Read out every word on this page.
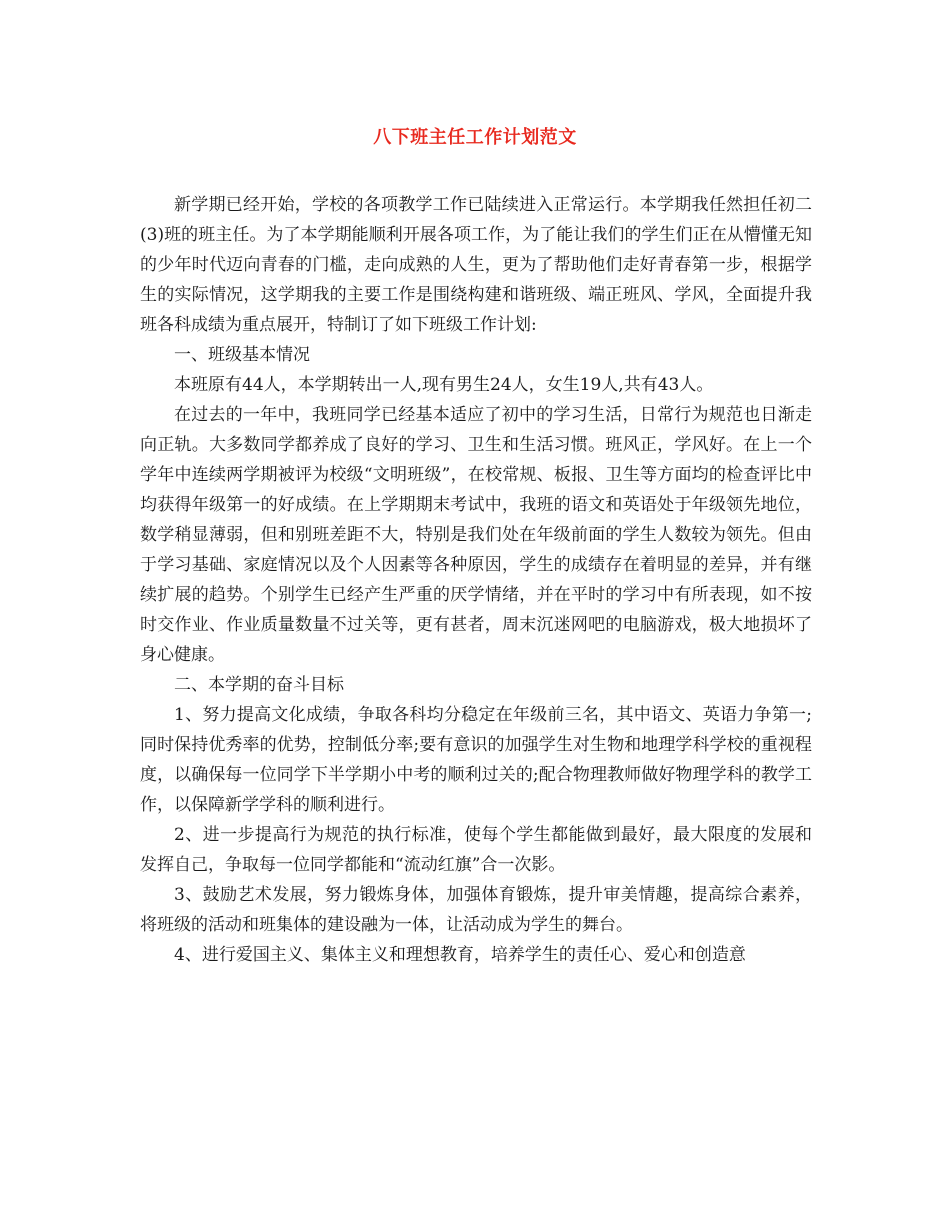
八下班主任工作计划范文

新学期已经开始，学校的各项教学工作已陆续进入正常运行。本学期我任然担任初二(3)班的班主任。为了本学期能顺利开展各项工作，为了能让我们的学生们正在从懵懂无知的少年时代迈向青春的门槛，走向成熟的人生，更为了帮助他们走好青春第一步，根据学生的实际情况，这学期我的主要工作是围绕构建和谐班级、端正班风、学风，全面提升我班各科成绩为重点展开，特制订了如下班级工作计划:

一、班级基本情况

本班原有44人，本学期转出一人,现有男生24人，女生19人,共有43人。

在过去的一年中，我班同学已经基本适应了初中的学习生活，日常行为规范也日渐走向正轨。大多数同学都养成了良好的学习、卫生和生活习惯。班风正，学风好。在上一个学年中连续两学期被评为校级“文明班级”，在校常规、板报、卫生等方面均的检查评比中均获得年级第一的好成绩。在上学期期末考试中，我班的语文和英语处于年级领先地位，数学稍显薄弱，但和别班差距不大，特别是我们处在年级前面的学生人数较为领先。但由于学习基础、家庭情况以及个人因素等各种原因，学生的成绩存在着明显的差异，并有继续扩展的趋势。个别学生已经产生严重的厌学情绪，并在平时的学习中有所表现，如不按时交作业、作业质量数量不过关等，更有甚者，周末沉迷网吧的电脑游戏，极大地损坏了身心健康。

二、本学期的奋斗目标

1、努力提高文化成绩，争取各科均分稳定在年级前三名，其中语文、英语力争第一;同时保持优秀率的优势，控制低分率;要有意识的加强学生对生物和地理学科学校的重视程度，以确保每一位同学下半学期小中考的顺利过关的;配合物理教师做好物理学科的教学工作，以保障新学学科的顺利进行。

2、进一步提高行为规范的执行标准，使每个学生都能做到最好，最大限度的发展和发挥自己，争取每一位同学都能和“流动红旗”合一次影。

3、鼓励艺术发展，努力锻炼身体，加强体育锻炼，提升审美情趣，提高综合素养，将班级的活动和班集体的建设融为一体，让活动成为学生的舞台。

4、进行爱国主义、集体主义和理想教育，培养学生的责任心、爱心和创造意
